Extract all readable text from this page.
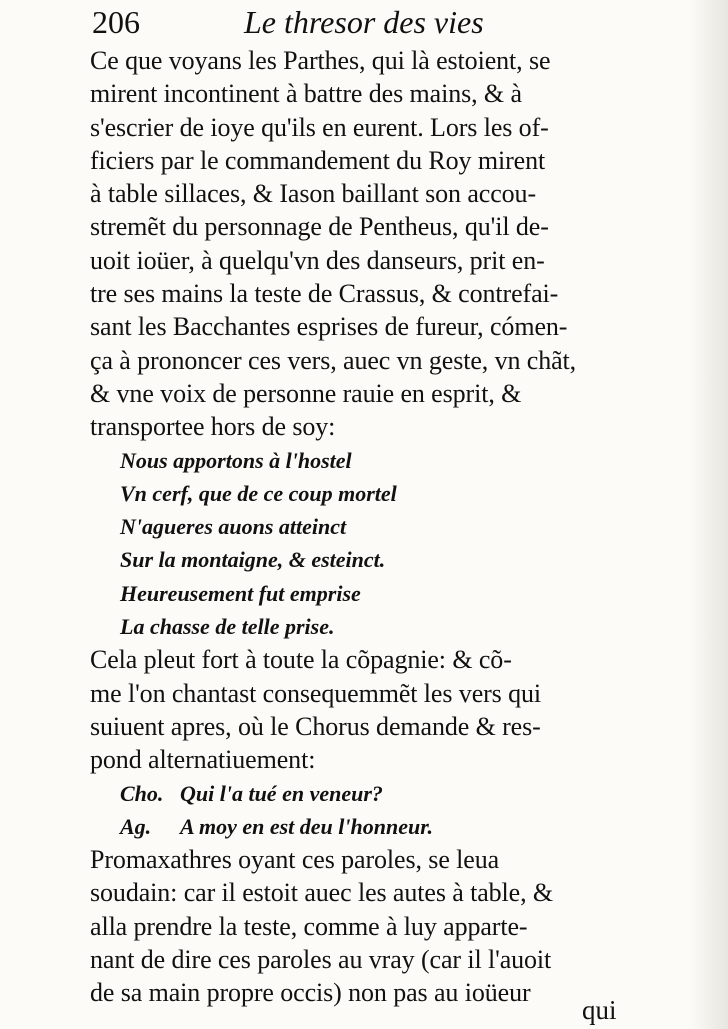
206	Le thresor des vies
Ce que voyans les Parthes, qui là estoient, se
mirent incontinent à battre des mains, & à
s'escrier de ioye qu'ils en eurent. Lors les of-
ficiers par le commandement du Roy mirent
à table sillaces, & Iason baillant son accou-
stremẽt du personnage de Pentheus, qu'il de-
uoit ioüer, à quelqu'vn des danseurs, prit en-
tre ses mains la teste de Crassus, & contrefai-
sant les Bacchantes esprises de fureur, cómen-
ça à prononcer ces vers, auec vn geste, vn chãt,
& vne voix de personne rauie en esprit, &
transportee hors de soy:
Nous apportons à l'hostel
Vn cerf, que de ce coup mortel
N'agueres auons atteinct
Sur la montaigne, & esteinct.
Heureusement fut emprise
La chasse de telle prise.
Cela pleut fort à toute la cõpagnie: & cõ-
me l'on chantast consequemmẽt les vers qui
suiuent apres, où le Chorus demande & res-
pond alternatiuement:
Cho. Qui l'a tué en veneur?
Ag. A moy en est deu l'honneur.
Promaxathres oyant ces paroles, se leua
soudain: car il estoit auec les autes à table, &
alla prendre la teste, comme à luy apparte-
nant de dire ces paroles au vray (car il l'auoit
de sa main propre occis) non pas au ioüeur
qui
